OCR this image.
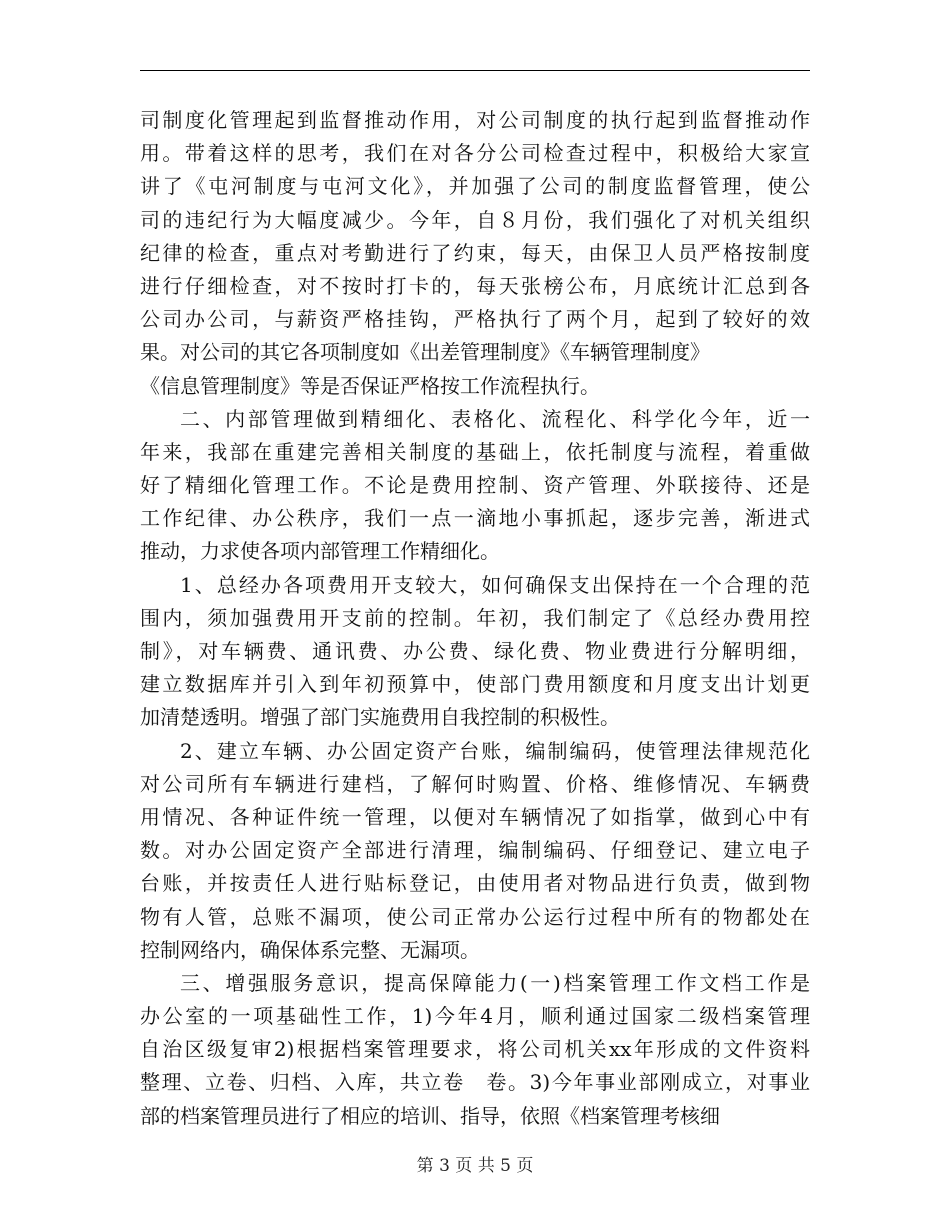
司制度化管理起到监督推动作用，对公司制度的执行起到监督推动作
用。带着这样的思考，我们在对各分公司检查过程中，积极给大家宣
讲了《屯河制度与屯河文化》，并加强了公司的制度监督管理，使公
司的违纪行为大幅度减少。今年，自８月份，我们强化了对机关组织
纪律的检查，重点对考勤进行了约束，每天，由保卫人员严格按制度
进行仔细检查，对不按时打卡的，每天张榜公布，月底统计汇总到各
公司办公司，与薪资严格挂钩，严格执行了两个月，起到了较好的效
果。对公司的其它各项制度如《出差管理制度》《车辆管理制度》
《信息管理制度》等是否保证严格按工作流程执行。
二、内部管理做到精细化、表格化、流程化、科学化今年，近一
年来，我部在重建完善相关制度的基础上，依托制度与流程，着重做
好了精细化管理工作。不论是费用控制、资产管理、外联接待、还是
工作纪律、办公秩序，我们一点一滴地小事抓起，逐步完善，渐进式
推动，力求使各项内部管理工作精细化。
1、总经办各项费用开支较大，如何确保支出保持在一个合理的范
围内，须加强费用开支前的控制。年初，我们制定了《总经办费用控
制》，对车辆费、通讯费、办公费、绿化费、物业费进行分解明细，
建立数据库并引入到年初预算中，使部门费用额度和月度支出计划更
加清楚透明。增强了部门实施费用自我控制的积极性。
2、建立车辆、办公固定资产台账，编制编码，使管理法律规范化
对公司所有车辆进行建档，了解何时购置、价格、维修情况、车辆费
用情况、各种证件统一管理，以便对车辆情况了如指掌，做到心中有
数。对办公固定资产全部进行清理，编制编码、仔细登记、建立电子
台账，并按责任人进行贴标登记，由使用者对物品进行负责，做到物
物有人管，总账不漏项，使公司正常办公运行过程中所有的物都处在
控制网络内，确保体系完整、无漏项。
三、增强服务意识，提高保障能力(一)档案管理工作文档工作是
办公室的一项基础性工作，1)今年4月，顺利通过国家二级档案管理
自治区级复审2)根据档案管理要求，将公司机关xx年形成的文件资料
整理、立卷、归档、入库，共立卷　卷。3)今年事业部刚成立，对事业
部的档案管理员进行了相应的培训、指导，依照《档案管理考核细
第 3 页 共 5 页
